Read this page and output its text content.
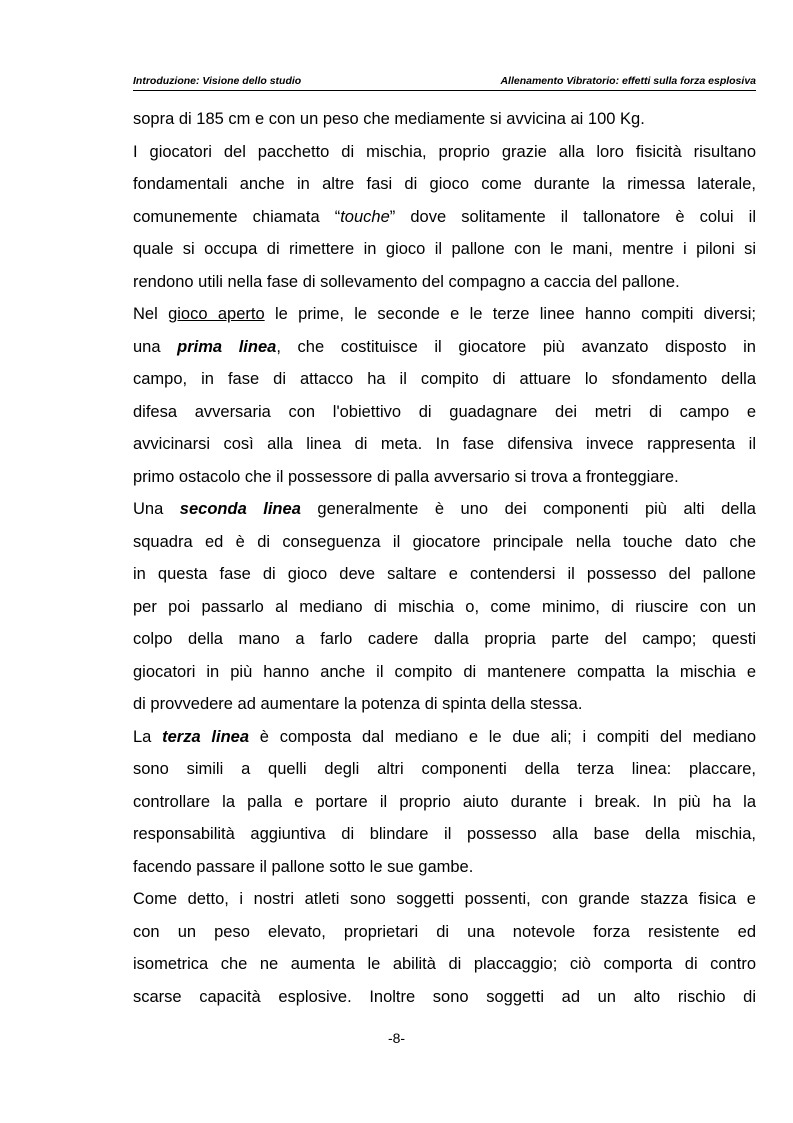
Introduzione: Visione dello studio	Allenamento Vibratorio: effetti sulla forza esplosiva
sopra di 185 cm e con un peso che mediamente si avvicina ai 100 Kg.
I giocatori del pacchetto di mischia, proprio grazie alla loro fisicità risultano
fondamentali anche in altre fasi di gioco come durante la rimessa laterale,
comunemente chiamata “touche” dove solitamente il tallonatore è colui il
quale si occupa di rimettere in gioco il pallone con le mani, mentre i piloni si
rendono utili nella fase di sollevamento del compagno a caccia del pallone.
Nel gioco aperto le prime, le seconde e le terze linee hanno compiti diversi;
una prima linea, che costituisce il giocatore più avanzato disposto in
campo, in fase di attacco ha il compito di attuare lo sfondamento della
difesa avversaria con l'obiettivo di guadagnare dei metri di campo e
avvicinarsi così alla linea di meta. In fase difensiva invece rappresenta il
primo ostacolo che il possessore di palla avversario si trova a fronteggiare.
Una seconda linea generalmente è uno dei componenti più alti della
squadra ed è di conseguenza il giocatore principale nella touche dato che
in questa fase di gioco deve saltare e contendersi il possesso del pallone
per poi passarlo al mediano di mischia o, come minimo, di riuscire con un
colpo della mano a farlo cadere dalla propria parte del campo; questi
giocatori in più hanno anche il compito di mantenere compatta la mischia e
di provvedere ad aumentare la potenza di spinta della stessa.
La terza linea è composta dal mediano e le due ali; i compiti del mediano
sono simili a quelli degli altri componenti della terza linea: placcare,
controllare la palla e portare il proprio aiuto durante i break. In più ha la
responsabilità aggiuntiva di blindare il possesso alla base della mischia,
facendo passare il pallone sotto le sue gambe.
Come detto, i nostri atleti sono soggetti possenti, con grande stazza fisica e
con un peso elevato, proprietari di una notevole forza resistente ed
isometrica che ne aumenta le abilità di placcaggio; ciò comporta di contro
scarse capacità esplosive. Inoltre sono soggetti ad un alto rischio di
-8-
